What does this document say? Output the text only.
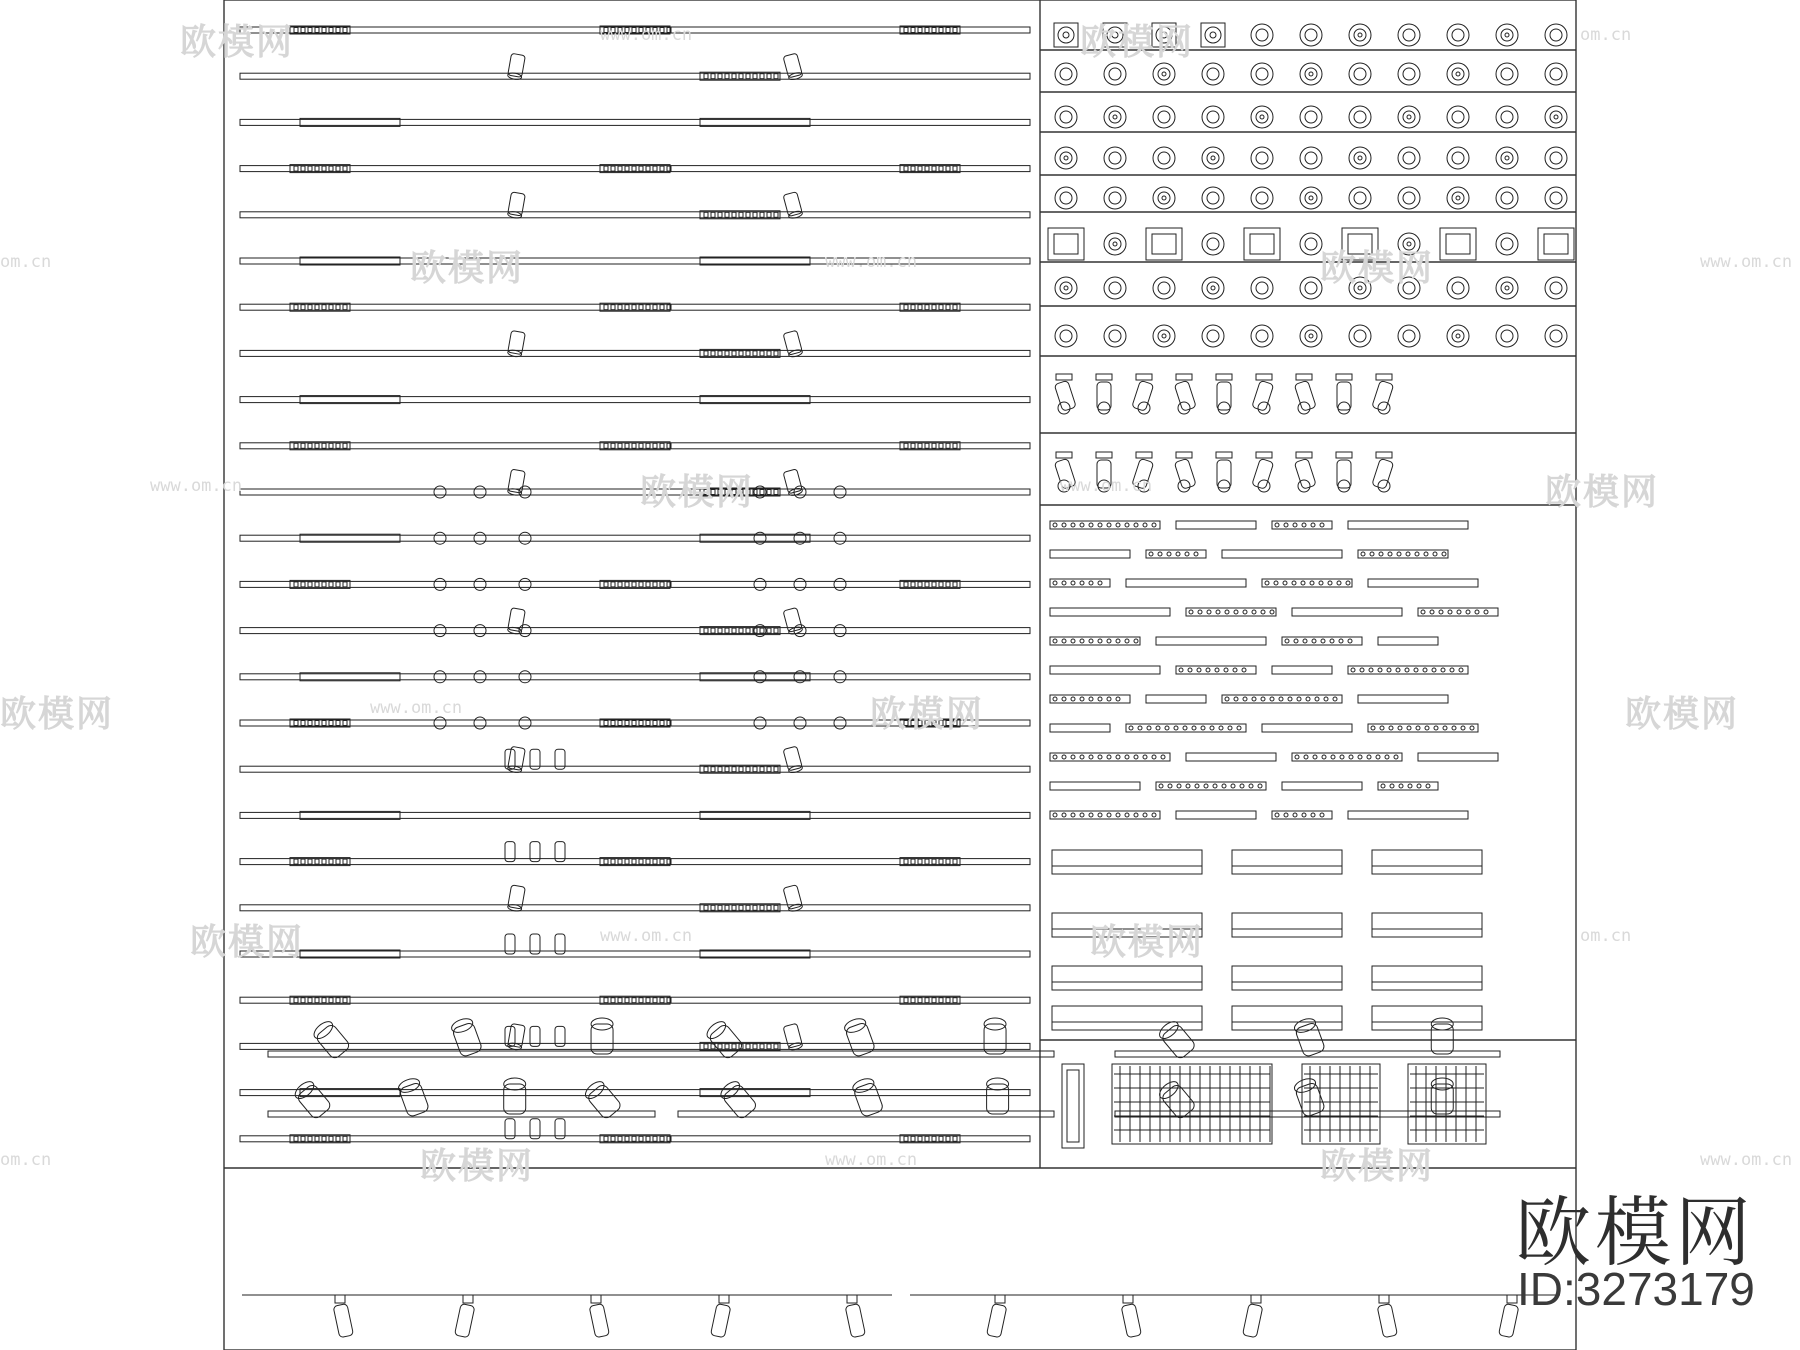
欧模网	欧模网
欧模网	欧模网
欧模网	欧模网
欧模网	欧模网	欧模网
欧模网	欧模网
欧模网	欧模网
www.om.cn	om.cn
om.cn	www.om.cn	www.om.cn
www.om.cn	www.om.cn
www.om.cn
www.om.cn	om.cn
om.cn	www.om.cn	www.om.cn
欧模网
ID:3273179
